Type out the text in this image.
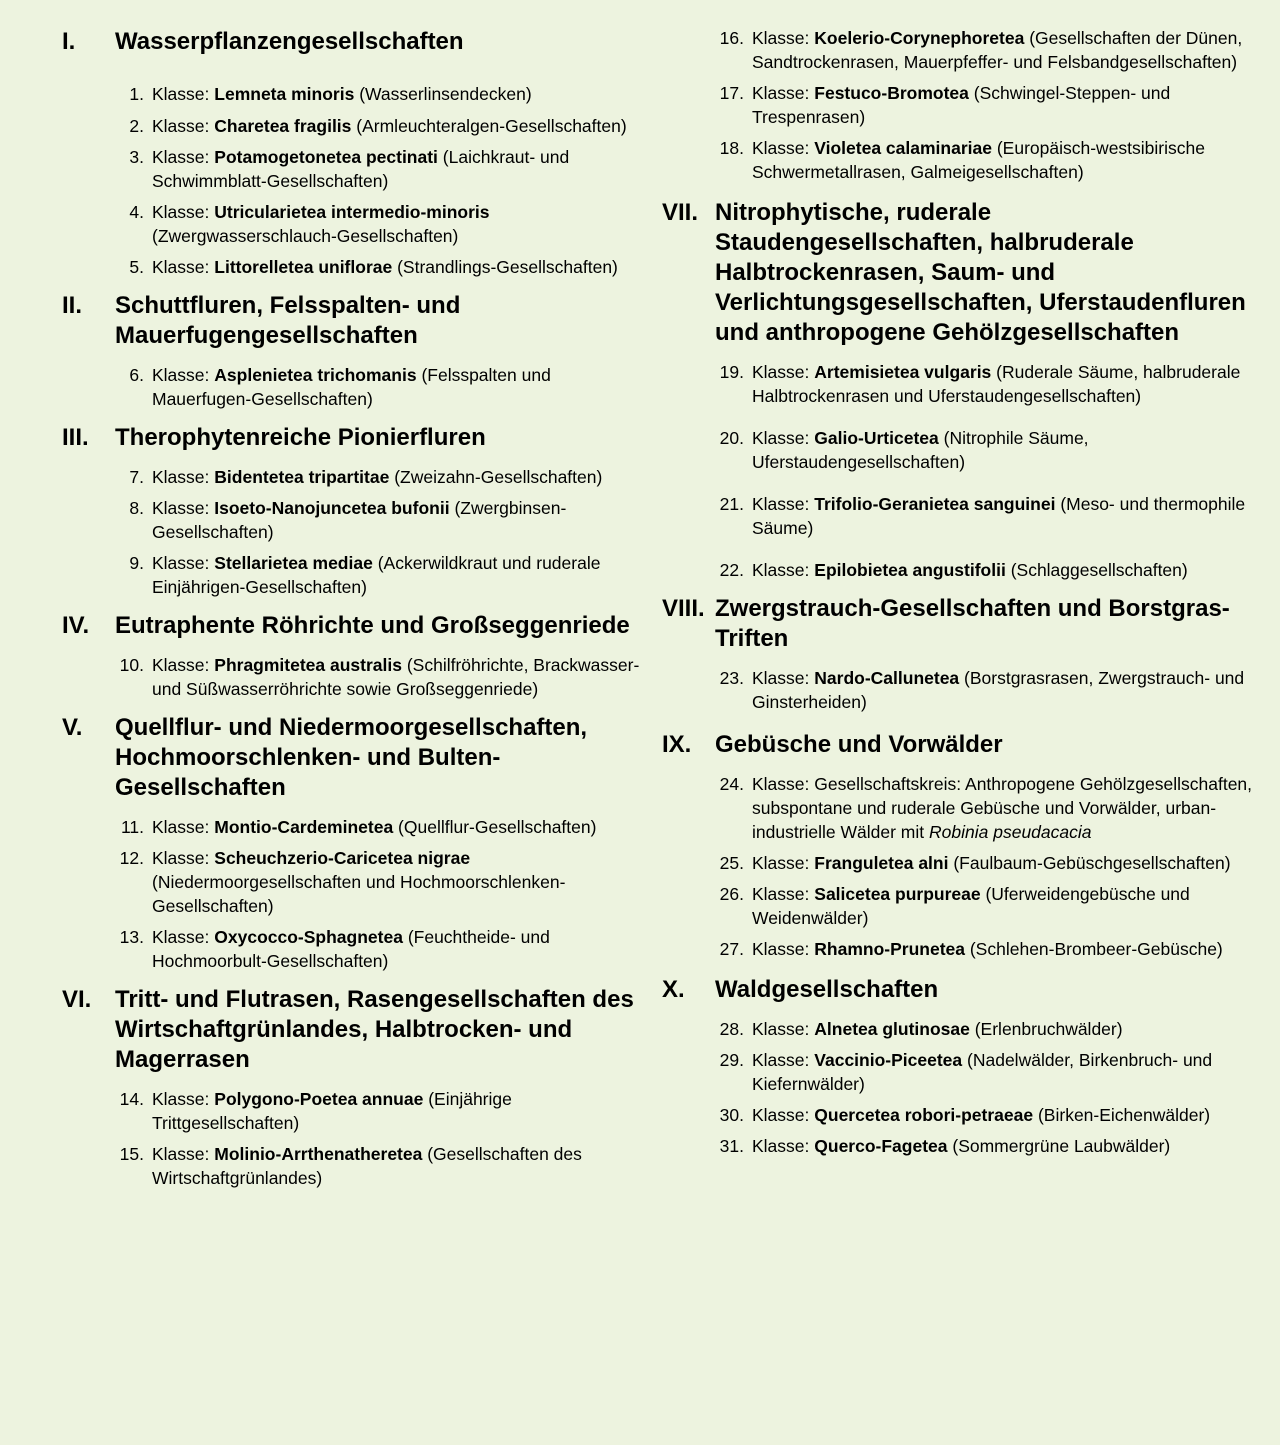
I.	Wasserpflanzengesellschaften
1. Klasse: Lemneta minoris (Wasserlinsendecken)
2. Klasse: Charetea fragilis (Armleuchteralgen-Gesellschaften)
3. Klasse: Potamogetonetea pectinati (Laichkraut- und Schwimmblatt-Gesellschaften)
4. Klasse: Utricularietea intermedio-minoris (Zwergwasserschlauch-Gesellschaften)
5. Klasse: Littorelletea uniflorae (Strandlings-Gesellschaften)
II.	Schuttfluren, Felsspalten- und Mauerfugengesellschaften
6. Klasse: Asplenietea trichomanis (Felsspalten und Mauerfugen-Gesellschaften)
III.	Therophytenreiche Pionierfluren
7. Klasse: Bidentetea tripartitae (Zweizahn-Gesellschaften)
8. Klasse: Isoeto-Nanojuncetea bufonii (Zwergbinsen-Gesellschaften)
9. Klasse: Stellarietea mediae (Ackerwildkraut und ruderale Einjährigen-Gesellschaften)
IV.	Eutraphente Röhrichte und Großseggenriede
10. Klasse: Phragmitetea australis (Schilfröhrichte, Brackwasser- und Süßwasserröhrichte sowie Großseggenriede)
V.	Quellflur- und Niedermoorgesellschaften, Hochmoorschlenken- und Bulten-Gesellschaften
11. Klasse: Montio-Cardeminetea (Quellflur-Gesellschaften)
12. Klasse: Scheuchzerio-Caricetea nigrae (Niedermoorgesellschaften und Hochmoorschlenken-Gesellschaften)
13. Klasse: Oxycocco-Sphagnetea (Feuchtheide- und Hochmoorbult-Gesellschaften)
VI. Tritt- und Flutrasen, Rasengesellschaften des Wirtschaftgrünlandes, Halbtrocken- und Magerrasen
14. Klasse: Polygono-Poetea annuae (Einjährige Trittgesellschaften)
15. Klasse: Molinio-Arrthenatheretea (Gesellschaften des Wirtschaftgrünlandes)
16. Klasse: Koelerio-Corynephoretea (Gesellschaften der Dünen, Sandtrockenrasen, Mauerpfeffer- und Felsbandgesellschaften)
17. Klasse: Festuco-Bromotea (Schwingel-Steppen- und Trespenrasen)
18. Klasse: Violetea calaminariae (Europäisch-westsibirische Schwermetallrasen, Galmeigesellschaften)
VII. Nitrophytische, ruderale Staudengesellschaften, halbruderale Halbtrockenrasen, Saum- und Verlichtungsgesellschaften, Uferstaudenfluren und anthropogene Gehölzgesellschaften
19. Klasse: Artemisietea vulgaris (Ruderale Säume, halbruderale Halbtrockenrasen und Uferstaudengesellschaften)
20. Klasse: Galio-Urticetea (Nitrophile Säume, Uferstaudengesellschaften)
21. Klasse: Trifolio-Geranietea sanguinei (Meso- und thermophile Säume)
22. Klasse: Epilobietea angustifolii (Schlaggesellschaften)
VIII. Zwergstrauch-Gesellschaften und Borstgras-Triften
23. Klasse: Nardo-Callunetea (Borstgrasrasen, Zwergstrauch- und Ginsterheiden)
IX. Gebüsche und Vorwälder
24. Klasse: Gesellschaftskreis: Anthropogene Gehölzgesellschaften, subspontane und ruderale Gebüsche und Vorwälder, urban-industrielle Wälder mit Robinia pseudacacia
25. Klasse: Franguletea alni (Faulbaum-Gebüschgesellschaften)
26. Klasse: Salicetea purpureae (Uferweidengebüsche und Weidenwälder)
27. Klasse: Rhamno-Prunetea (Schlehen-Brombeer-Gebüsche)
X.	Waldgesellschaften
28. Klasse: Alnetea glutinosae (Erlenbruchwälder)
29. Klasse: Vaccinio-Piceetea (Nadelwälder, Birkenbruch- und Kiefernwälder)
30. Klasse: Quercetea robori-petraeae (Birken-Eichenwälder)
31. Klasse: Querco-Fagetea (Sommergrüne Laubwälder)
